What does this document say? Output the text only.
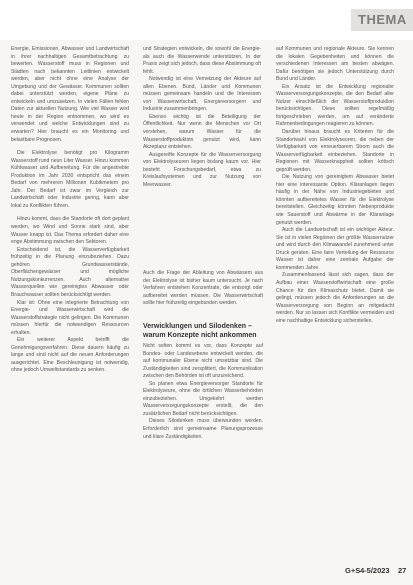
THEMA

Energie, Emissionen, Abwasser und Landwirtschaft in ihrer nachhaltigen Gesamtbetrachtung zu bewerten. Wasserstoff muss in Regionen und Städten nach bekannten Leitlinien entwickelt werden, aber nicht ohne eine Analyse der Umgebung und der Gewässer. Kommunen sollten dabei unterstützt werden, eigene Pläne zu entwickeln und umzusetzen. In vielen Fällen fehlen Daten zur aktuellen Nutzung. Wie viel Wasser wird heute in der Region entnommen, wo wird es verwendet und welche Entwicklungen sind zu erwarten? Hier braucht es ein Monitoring und belastbare Prognosen.

Die Elektrolyse benötigt pro Kilogramm Wasserstoff rund neun Liter Wasser. Hinzu kommen Kühlwasser und Aufbereitung. Für die angestrebte Produktion im Jahr 2030 entspricht das einem Bedarf von mehreren Millionen Kubikmetern pro Jahr. Der Bedarf ist zwar im Vergleich zur Landwirtschaft oder Industrie gering, kann aber lokal zu Konflikten führen.

Hinzu kommt, dass die Standorte oft dort geplant werden, wo Wind und Sonne stark sind, aber Wasser knapp ist. Das Thema erfordert daher eine enge Abstimmung zwischen den Sektoren.

Entscheidend ist, die Wasserverfügbarkeit frühzeitig in die Planung einzubeziehen. Dazu gehören Grundwasserstände, Oberflächengewässer und mögliche Nutzungskonkurrenzen. Auch alternative Wasserquellen wie gereinigtes Abwasser oder Brauchwasser sollten berücksichtigt werden.

Klar ist: Ohne eine integrierte Betrachtung von Energie- und Wasserwirtschaft wird die Wasserstoffstrategie nicht gelingen. Die Kommunen müssen hierfür die notwendigen Ressourcen erhalten.

Ein weiterer Aspekt betrifft die Genehmigungsverfahren. Diese dauern häufig zu lange und sind nicht auf die neuen Anforderungen ausgerichtet. Eine Beschleunigung ist notwendig, ohne jedoch Umweltstandards zu senken.

und Strategien entwickeln, die sowohl die Energie- als auch die Wasserwende unterstützen. In der Praxis zeigt sich jedoch, dass diese Abstimmung oft fehlt.

Notwendig ist eine Vernetzung der Akteure auf allen Ebenen. Bund, Länder und Kommunen müssen gemeinsam handeln und die Interessen von Wasserwirtschaft, Energieversorgern und Industrie zusammenbringen.

Ebenso wichtig ist die Beteiligung der Öffentlichkeit. Nur wenn die Menschen vor Ort verstehen, warum Wasser für die Wasserstoffproduktion genutzt wird, kann Akzeptanz entstehen.

Ausgereifte Konzepte für die Wasserversorgung von Elektrolyseuren liegen bislang kaum vor. Hier besteht Forschungsbedarf, etwa zu Kreislaufsystemen und zur Nutzung von Meerwasser.

Auch die Frage der Ableitung von Abwässern aus der Elektrolyse ist bisher kaum untersucht. Je nach Verfahren entstehen Konzentrate, die entsorgt oder aufbereitet werden müssen. Die Wasserwirtschaft sollte hier frühzeitig eingebunden werden.

Verwicklungen und Silodenken – warum Konzepte nicht ankommen

Nicht selten kommt es vor, dass Konzepte auf Bundes- oder Landesebene entwickelt werden, die auf kommunaler Ebene nicht umsetzbar sind. Die Zuständigkeiten sind zersplittert, die Kommunikation zwischen den Behörden ist oft unzureichend.

So planen etwa Energieversorger Standorte für Elektrolyseure, ohne die örtlichen Wasserbehörden einzubeziehen. Umgekehrt werden Wasserversorgungskonzepte erstellt, die den zusätzlichen Bedarf nicht berücksichtigen.

Dieses Silodenken muss überwunden werden. Erforderlich sind gemeinsame Planungsprozesse und klare Zuständigkeiten.

auf Kommunen und regionale Akteure. Sie kennen die lokalen Gegebenheiten und können die verschiedenen Interessen am besten abwägen. Dafür benötigen sie jedoch Unterstützung durch Bund und Länder.

Ein Ansatz ist die Entwicklung regionaler Wasserversorgungskonzepte, die den Bedarf aller Nutzer einschließlich der Wasserstoffproduktion berücksichtigen. Diese sollten regelmäßig fortgeschrieben werden, um auf veränderte Rahmenbedingungen reagieren zu können.

Darüber hinaus braucht es Kriterien für die Standortwahl von Elektrolyseuren, die neben der Verfügbarkeit von erneuerbarem Strom auch die Wasserverfügbarkeit einbeziehen. Standorte in Regionen mit Wasserknappheit sollten kritisch geprüft werden.

Die Nutzung von gereinigtem Abwasser bietet hier eine interessante Option. Kläranlagen liegen häufig in der Nähe von Industriegebieten und könnten aufbereitetes Wasser für die Elektrolyse bereitstellen. Gleichzeitig könnten Nebenprodukte wie Sauerstoff und Abwärme in der Kläranlage genutzt werden.

Auch die Landwirtschaft ist ein wichtiger Akteur. Sie ist in vielen Regionen der größte Wassernutzer und wird durch den Klimawandel zunehmend unter Druck geraten. Eine faire Verteilung der Ressource Wasser ist daher eine zentrale Aufgabe der kommenden Jahre.

Zusammenfassend lässt sich sagen, dass der Aufbau einer Wasserstoffwirtschaft eine große Chance für den Klimaschutz bietet. Damit sie gelingt, müssen jedoch die Anforderungen an die Wasserversorgung von Beginn an mitgedacht werden. Nur so lassen sich Konflikte vermeiden und eine nachhaltige Entwicklung sicherstellen.

G+S 4-5/2023 27
